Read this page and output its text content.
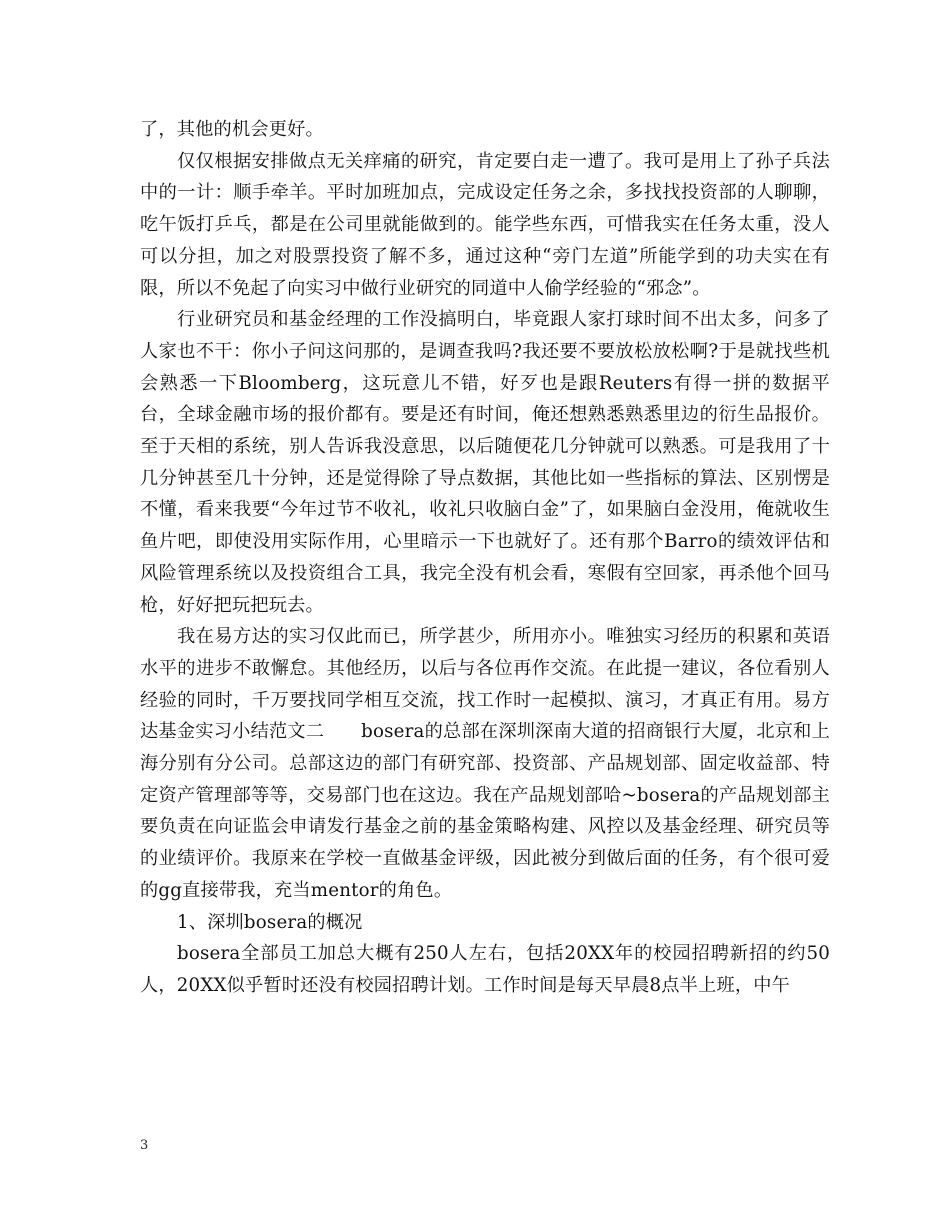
了，其他的机会更好。

仅仅根据安排做点无关痒痛的研究，肯定要白走一遭了。我可是用上了孙子兵法中的一计：顺手牵羊。平时加班加点，完成设定任务之余，多找找投资部的人聊聊，吃午饭打乒乓，都是在公司里就能做到的。能学些东西，可惜我实在任务太重，没人可以分担，加之对股票投资了解不多，通过这种“旁门左道”所能学到的功夫实在有限，所以不免起了向实习中做行业研究的同道中人偷学经验的“邪念”。

行业研究员和基金经理的工作没搞明白，毕竟跟人家打球时间不出太多，问多了人家也不干：你小子问这问那的，是调查我吗?我还要不要放松放松啊?于是就找些机会熟悉一下Bloomberg，这玩意儿不错，好歹也是跟Reuters有得一拼的数据平台，全球金融市场的报价都有。要是还有时间，俺还想熟悉熟悉里边的衍生品报价。至于天相的系统，别人告诉我没意思，以后随便花几分钟就可以熟悉。可是我用了十几分钟甚至几十分钟，还是觉得除了导点数据，其他比如一些指标的算法、区别愣是不懂，看来我要“今年过节不收礼，收礼只收脑白金”了，如果脑白金没用，俺就收生鱼片吧，即使没用实际作用，心里暗示一下也就好了。还有那个Barro的绩效评估和风险管理系统以及投资组合工具，我完全没有机会看，寒假有空回家，再杀他个回马枪，好好把玩把玩去。

我在易方达的实习仅此而已，所学甚少，所用亦小。唯独实习经历的积累和英语水平的进步不敢懈怠。其他经历，以后与各位再作交流。在此提一建议，各位看别人经验的同时，千万要找同学相互交流，找工作时一起模拟、演习，才真正有用。易方达基金实习小结范文二　　bosera的总部在深圳深南大道的招商银行大厦，北京和上海分别有分公司。总部这边的部门有研究部、投资部、产品规划部、固定收益部、特定资产管理部等等，交易部门也在这边。我在产品规划部哈~bosera的产品规划部主要负责在向证监会申请发行基金之前的基金策略构建、风控以及基金经理、研究员等的业绩评价。我原来在学校一直做基金评级，因此被分到做后面的任务，有个很可爱的gg直接带我，充当mentor的角色。

1、深圳bosera的概况

bosera全部员工加总大概有250人左右，包括20XX年的校园招聘新招的约50人，20XX似乎暂时还没有校园招聘计划。工作时间是每天早晨8点半上班，中午

3
